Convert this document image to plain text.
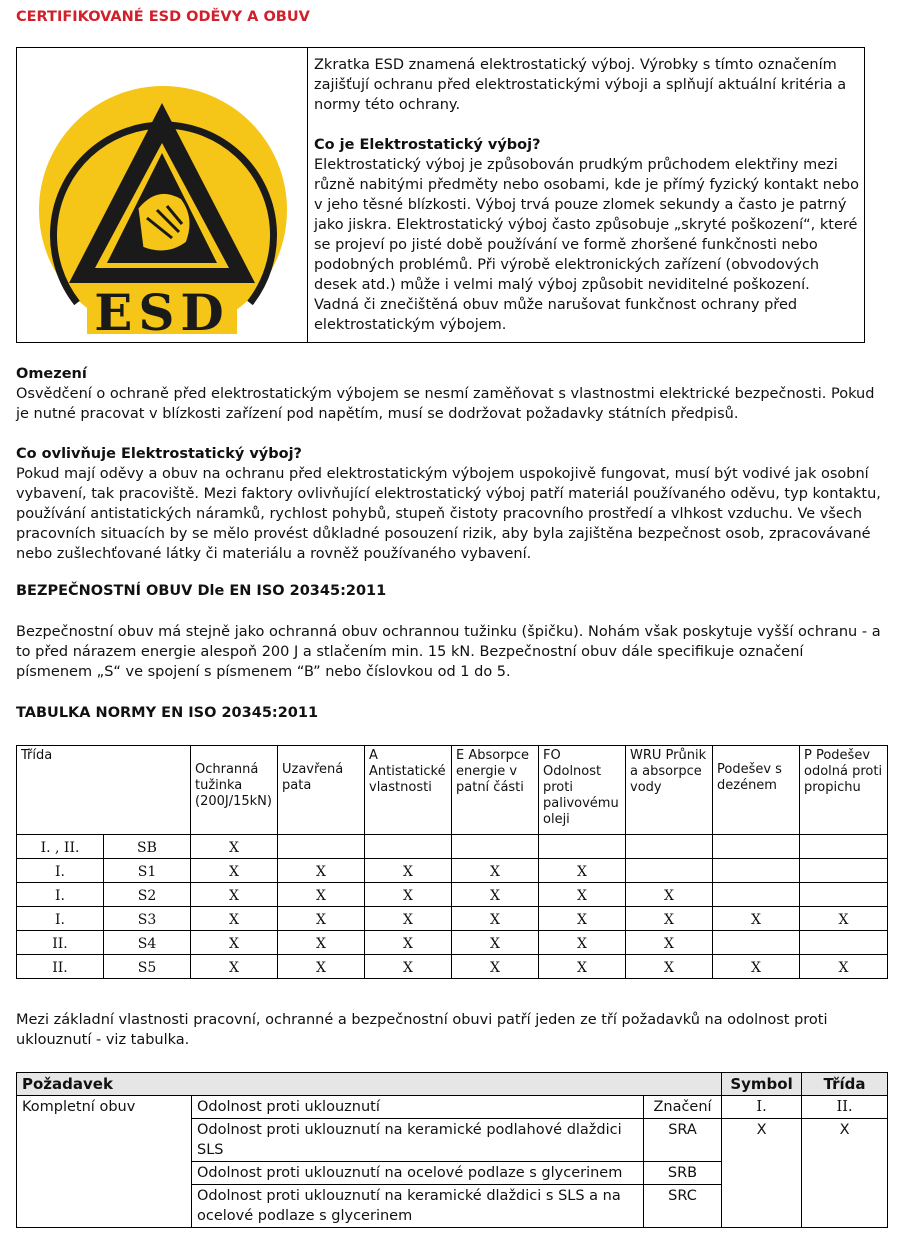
CERTIFIKOVANÉ ESD ODĚVY A OBUV
ESD

Zkratka ESD znamená elektrostatický výboj. Výrobky s tímto označením zajišťují ochranu před elektrostatickými výboji a splňují aktuální kritéria a normy této ochrany.

Co je Elektrostatický výboj?

Elektrostatický výboj je způsobován prudkým průchodem elektřiny mezi různě nabitými předměty nebo osobami, kde je přímý fyzický kontakt nebo v jeho těsné blízkosti. Výboj trvá pouze zlomek sekundy a často je patrný jako jiskra. Elektrostatický výboj často způsobuje „skryté poškození“, které se projeví po jisté době používání ve formě zhoršené funkčnosti nebo podobných problémů. Při výrobě elektronických zařízení (obvodových desek atd.) může i velmi malý výboj způsobit neviditelné poškození. Vadná či znečištěná obuv může narušovat funkčnost ochrany před elektrostatickým výbojem.

Omezení

Osvědčení o ochraně před elektrostatickým výbojem se nesmí zaměňovat s vlastnostmi elektrické bezpečnosti. Pokud je nutné pracovat v blízkosti zařízení pod napětím, musí se dodržovat požadavky státních předpisů.

Co ovlivňuje Elektrostatický výboj?

Pokud mají oděvy a obuv na ochranu před elektrostatickým výbojem uspokojivě fungovat, musí být vodivé jak osobní vybavení, tak pracoviště. Mezi faktory ovlivňující elektrostatický výboj patří materiál používaného oděvu, typ kontaktu, používání antistatických náramků, rychlost pohybů, stupeň čistoty pracovního prostředí a vlhkost vzduchu. Ve všech pracovních situacích by se mělo provést důkladné posouzení rizik, aby byla zajištěna bezpečnost osob, zpracovávané nebo zušlechťované látky či materiálu a rovněž používaného vybavení.

BEZPEČNOSTNÍ OBUV Dle EN ISO 20345:2011

Bezpečnostní obuv má stejně jako ochranná obuv ochrannou tužinku (špičku). Nohám však poskytuje vyšší ochranu - a to před nárazem energie alespoň 200 J a stlačením min. 15 kN. Bezpečnostní obuv dále specifikuje označení písmenem „S“ ve spojení s písmenem “B” nebo číslovkou od 1 do 5.

TABULKA NORMY EN ISO 20345:2011
Třída		Ochranná tužinka (200J/15kN)	Uzavřená pata	A Antistatické vlastnosti	E Absorpce energie v patní části	FO Odolnost proti palivovému oleji	WRU Průnik a absorpce vody	Podešev s dezénem	P Podešev odolná proti propichu
I. , II.	SB	X							
I.	S1	X	X	X	X	X			
I.	S2	X	X	X	X	X	X		
I.	S3	X	X	X	X	X	X	X	X
II.	S4	X	X	X	X	X	X		
II.	S5	X	X	X	X	X	X	X	X

Mezi základní vlastnosti pracovní, ochranné a bezpečnostní obuvi patří jeden ze tří požadavků na odolnost proti uklouznutí - viz tabulka.

Požadavek			Symbol	Třída
Kompletní obuv	Odolnost proti uklouznutí	Značení	I.	II.
	Odolnost proti uklouznutí na keramické podlahové dlaždici SLS	SRA	X	X
	Odolnost proti uklouznutí na ocelové podlaze s glycerinem	SRB		
	Odolnost proti uklouznutí na keramické dlaždici s SLS a na ocelové podlaze s glycerinem	SRC		
